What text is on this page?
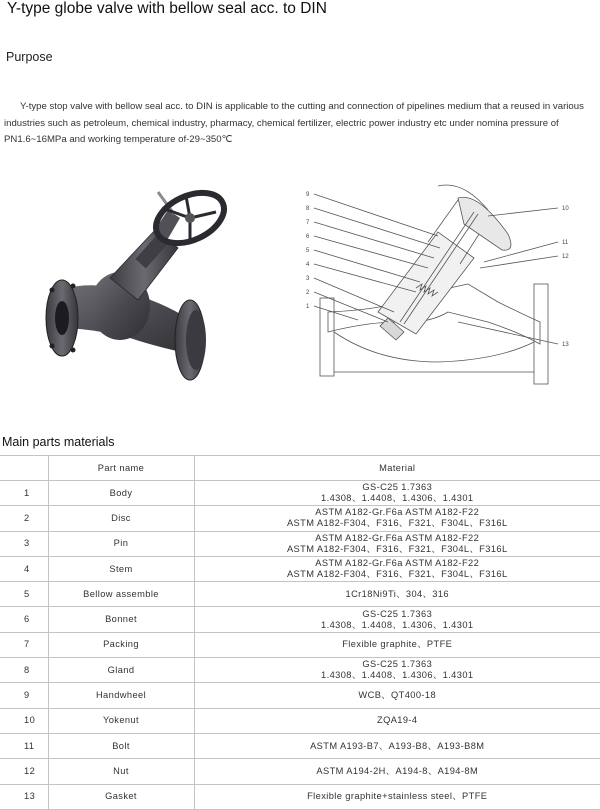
Y-type globe valve with bellow seal acc. to DIN
Purpose

Y-type stop valve with bellow seal acc. to DIN is applicable to the cutting and connection of pipelines medium that a reused in various industries such as petroleum, chemical industry, pharmacy, chemical fertilizer, electric power industry etc under nomina pressure of PN1.6~16MPa and working temperature of-29~350℃

9
8
7
6
5
4
3
2
1
10
11
12
13
Main parts materials
	Part name	Material
1	Body	GS-C25 1.7363
1.4308、1.4408、1.4306、1.4301

2	Disc	ASTM A182-Gr.F6a ASTM A182-F22
ASTM A182-F304、F316、F321、F304L、F316L

3	Pin	ASTM A182-Gr.F6a ASTM A182-F22
ASTM A182-F304、F316、F321、F304L、F316L

4	Stem	ASTM A182-Gr.F6a ASTM A182-F22
ASTM A182-F304、F316、F321、F304L、F316L

5	Bellow assemble	1Cr18Ni9Ti、304、316

6	Bonnet	GS-C25 1.7363
1.4308、1.4408、1.4306、1.4301

7	Packing	Flexible graphite、PTFE

8	Gland	GS-C25 1.7363
1.4308、1.4408、1.4306、1.4301

9	Handwheel	WCB、QT400-18

10	Yokenut	ZQA19-4

11	Bolt	ASTM A193-B7、A193-B8、A193-B8M

12	Nut	ASTM A194-2H、A194-8、A194-8M

13	Gasket	Flexible graphite+stainless steel、PTFE
